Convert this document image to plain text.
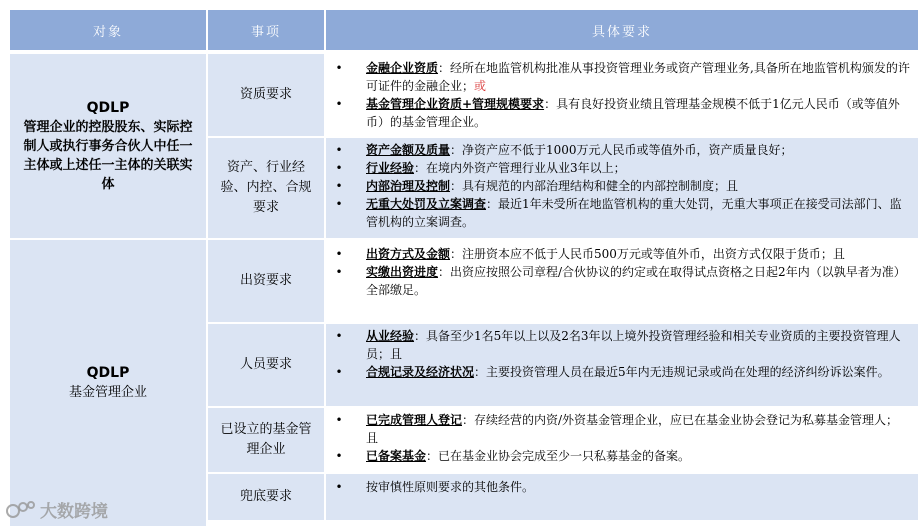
对象	事项	具体要求
QDLP
管理企业的控股股东、实际控制人或执行事务合伙人中任一主体或上述任一主体的关联实体
资质要求
• 金融企业资质：经所在地监管机构批准从事投资管理业务或资产管理业务,具备所在地监管机构颁发的许可证件的金融企业；或
• 基金管理企业资质+管理规模要求：具有良好投资业绩且管理基金规模不低于1亿元人民币（或等值外币）的基金管理企业。
资产、行业经验、内控、合规要求
• 资产金额及质量：净资产应不低于1000万元人民币或等值外币，资产质量良好；
• 行业经验：在境内外资产管理行业从业3年以上；
• 内部治理及控制：具有规范的内部治理结构和健全的内部控制制度；且
• 无重大处罚及立案调查：最近1年未受所在地监管机构的重大处罚，无重大事项正在接受司法部门、监管机构的立案调查。
QDLP
基金管理企业
出资要求
• 出资方式及金额：注册资本应不低于人民币500万元或等值外币，出资方式仅限于货币；且
• 实缴出资进度：出资应按照公司章程/合伙协议的约定或在取得试点资格之日起2年内（以孰早者为准）全部缴足。
人员要求
• 从业经验：具备至少1名5年以上以及2名3年以上境外投资管理经验和相关专业资质的主要投资管理人员；且
• 合规记录及经济状况：主要投资管理人员在最近5年内无违规记录或尚在处理的经济纠纷诉讼案件。
已设立的基金管理企业
• 已完成管理人登记：存续经营的内资/外资基金管理企业，应已在基金业协会登记为私募基金管理人；且
• 已备案基金：已在基金业协会完成至少一只私募基金的备案。
兜底要求
• 按审慎性原则要求的其他条件。
大数跨境
